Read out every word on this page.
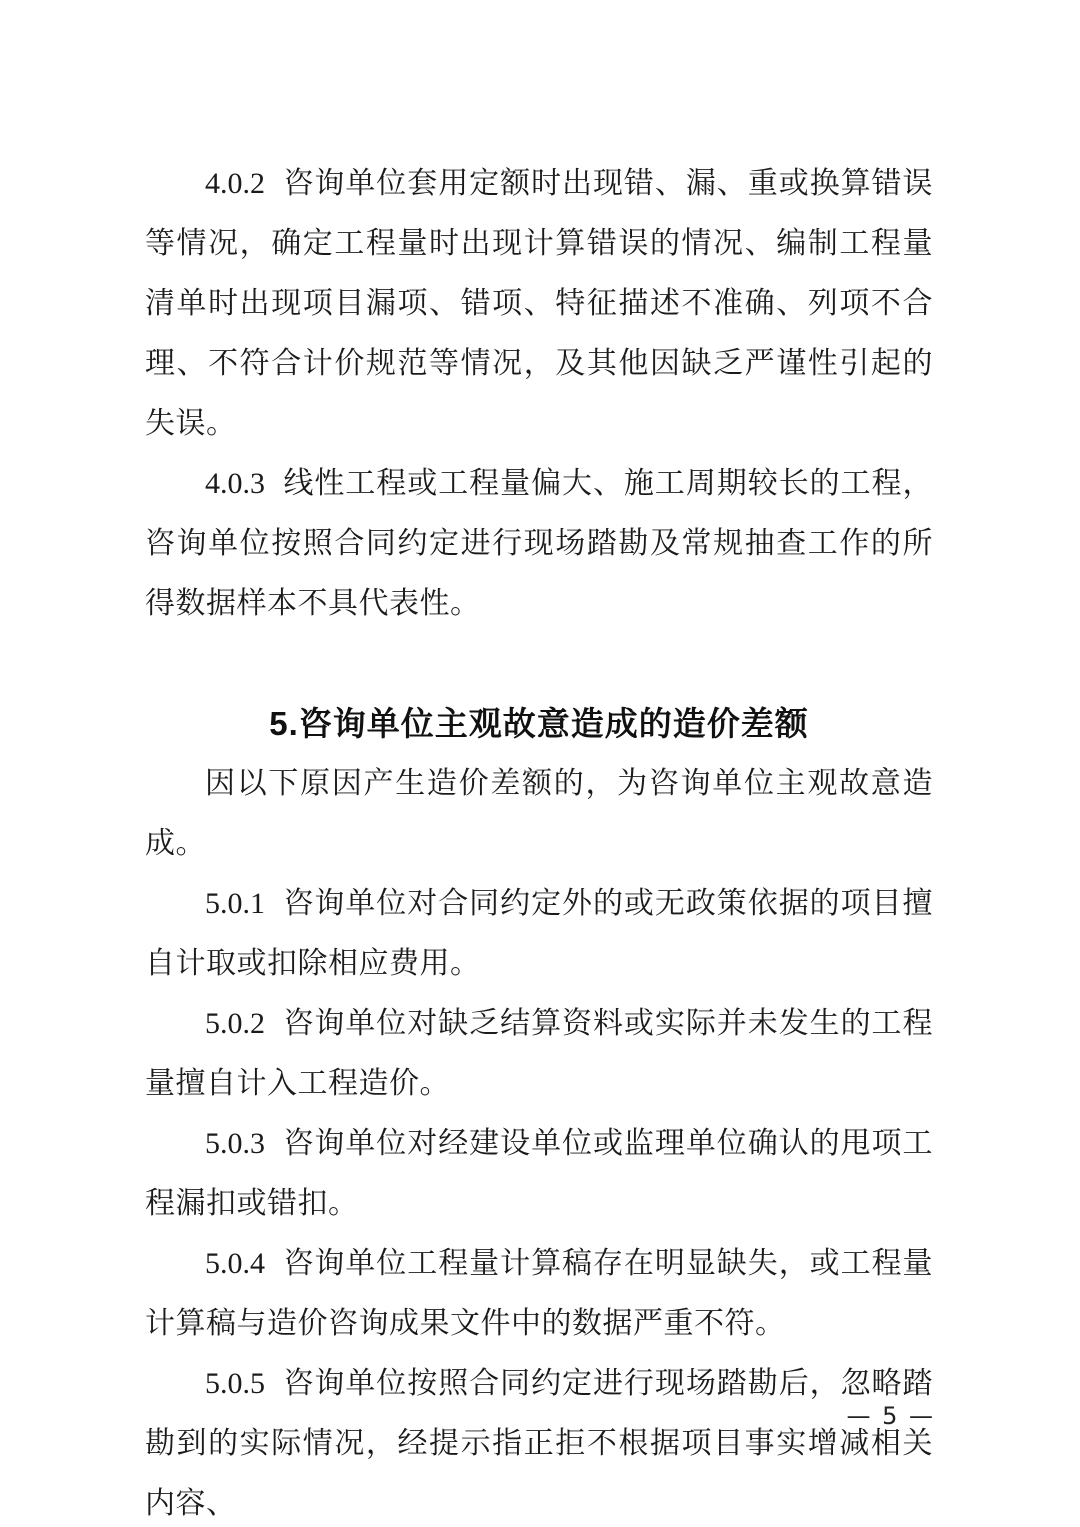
4.0.2 咨询单位套用定额时出现错、漏、重或换算错误等情况，确定工程量时出现计算错误的情况、编制工程量清单时出现项目漏项、错项、特征描述不准确、列项不合理、不符合计价规范等情况，及其他因缺乏严谨性引起的失误。

4.0.3 线性工程或工程量偏大、施工周期较长的工程，咨询单位按照合同约定进行现场踏勘及常规抽查工作的所得数据样本不具代表性。

5.咨询单位主观故意造成的造价差额

因以下原因产生造价差额的，为咨询单位主观故意造成。

5.0.1 咨询单位对合同约定外的或无政策依据的项目擅自计取或扣除相应费用。

5.0.2 咨询单位对缺乏结算资料或实际并未发生的工程量擅自计入工程造价。

5.0.3 咨询单位对经建设单位或监理单位确认的甩项工程漏扣或错扣。

5.0.4 咨询单位工程量计算稿存在明显缺失，或工程量计算稿与造价咨询成果文件中的数据严重不符。

5.0.5 咨询单位按照合同约定进行现场踏勘后，忽略踏勘到的实际情况，经提示指正拒不根据项目事实增减相关内容、

— 5 —
